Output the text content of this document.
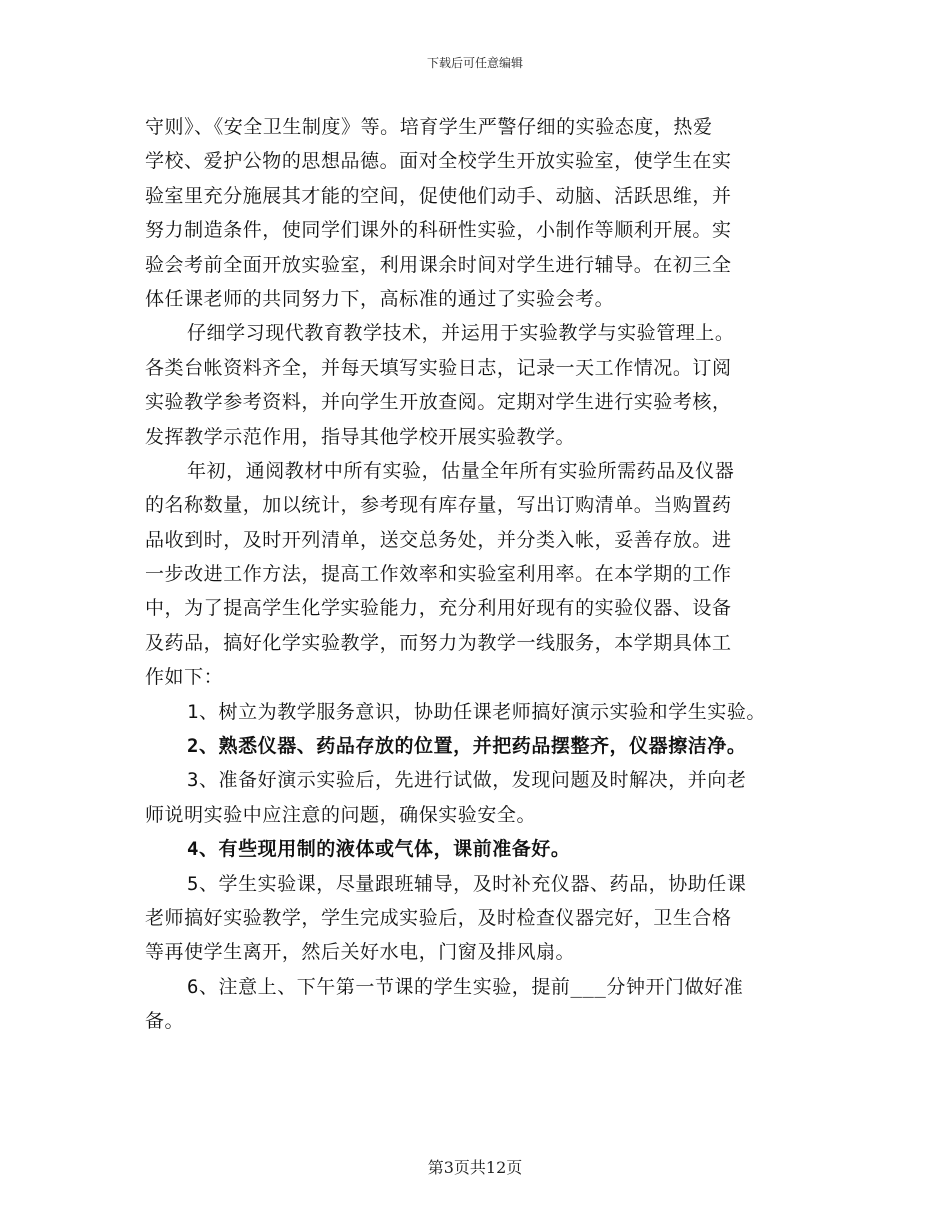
下载后可任意编辑
守则》、《安全卫生制度》等。培育学生严警仔细的实验态度，热爱
学校、爱护公物的思想品德。面对全校学生开放实验室，使学生在实
验室里充分施展其才能的空间，促使他们动手、动脑、活跃思维，并
努力制造条件，使同学们课外的科研性实验，小制作等顺利开展。实
验会考前全面开放实验室，利用课余时间对学生进行辅导。在初三全
体任课老师的共同努力下，高标准的通过了实验会考。
仔细学习现代教育教学技术，并运用于实验教学与实验管理上。
各类台帐资料齐全，并每天填写实验日志，记录一天工作情况。订阅
实验教学参考资料，并向学生开放查阅。定期对学生进行实验考核，
发挥教学示范作用，指导其他学校开展实验教学。
年初，通阅教材中所有实验，估量全年所有实验所需药品及仪器
的名称数量，加以统计，参考现有库存量，写出订购清单。当购置药
品收到时，及时开列清单，送交总务处，并分类入帐，妥善存放。进
一步改进工作方法，提高工作效率和实验室利用率。在本学期的工作
中，为了提高学生化学实验能力，充分利用好现有的实验仪器、设备
及药品，搞好化学实验教学，而努力为教学一线服务，本学期具体工
作如下：
1、树立为教学服务意识，协助任课老师搞好演示实验和学生实验。
2、熟悉仪器、药品存放的位置，并把药品摆整齐，仪器擦洁净。
3、准备好演示实验后，先进行试做，发现问题及时解决，并向老
师说明实验中应注意的问题，确保实验安全。
4、有些现用制的液体或气体，课前准备好。
5、学生实验课，尽量跟班辅导，及时补充仪器、药品，协助任课
老师搞好实验教学，学生完成实验后，及时检查仪器完好，卫生合格
等再使学生离开，然后关好水电，门窗及排风扇。
6、注意上、下午第一节课的学生实验，提前___分钟开门做好准
备。
第3页共12页
